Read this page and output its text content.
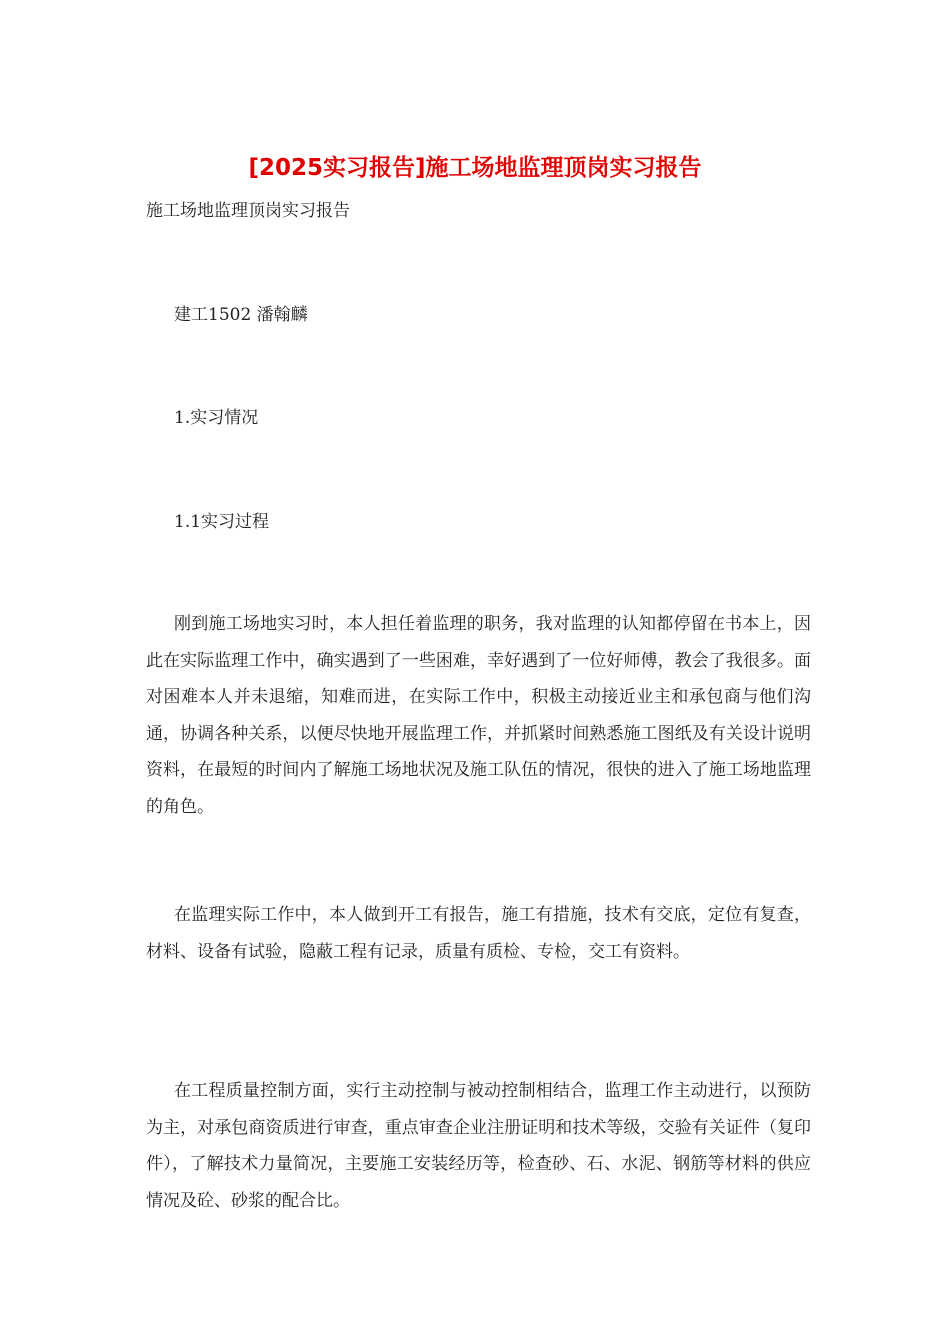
[2025实习报告]施工场地监理顶岗实习报告

施工场地监理顶岗实习报告

建工1502 潘翰麟

1.实习情况

1.1实习过程

刚到施工场地实习时，本人担任着监理的职务，我对监理的认知都停留在书本上，因此在实际监理工作中，确实遇到了一些困难，幸好遇到了一位好师傅，教会了我很多。面对困难本人并未退缩，知难而进，在实际工作中，积极主动接近业主和承包商与他们沟通，协调各种关系，以便尽快地开展监理工作，并抓紧时间熟悉施工图纸及有关设计说明资料，在最短的时间内了解施工场地状况及施工队伍的情况，很快的进入了施工场地监理的角色。

在监理实际工作中，本人做到开工有报告，施工有措施，技术有交底，定位有复查，材料、设备有试验，隐蔽工程有记录，质量有质检、专检，交工有资料。

在工程质量控制方面，实行主动控制与被动控制相结合，监理工作主动进行，以预防为主，对承包商资质进行审查，重点审查企业注册证明和技术等级，交验有关证件（复印件），了解技术力量简况，主要施工安装经历等，检查砂、石、水泥、钢筋等材料的供应情况及砼、砂浆的配合比。
